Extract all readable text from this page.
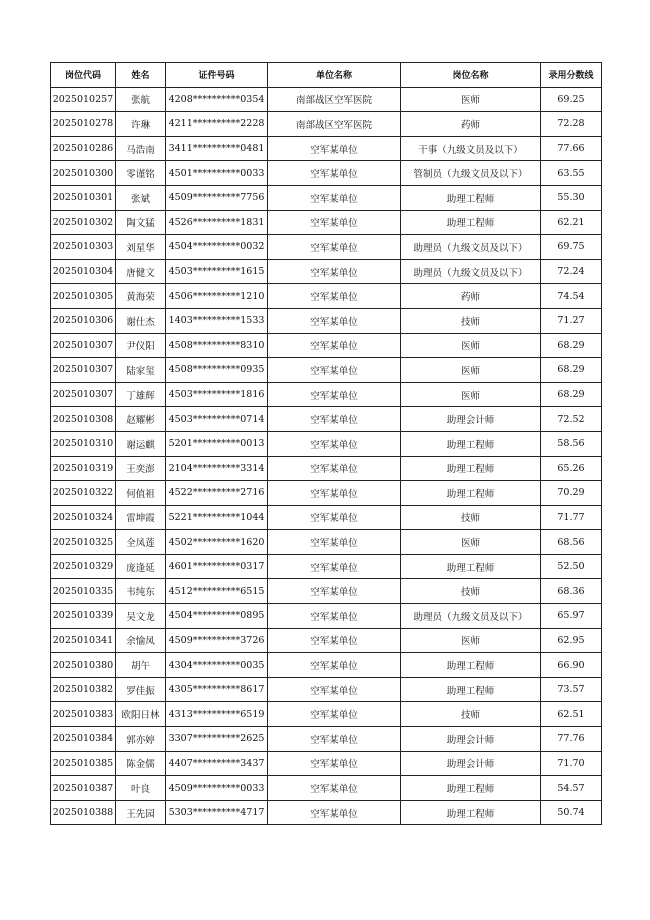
岗位代码	姓名	证件号码	单位名称	岗位名称	录用分数线
2025010257	张航	4208**********0354	南部战区空军医院	医师	69.25
2025010278	许琳	4211**********2228	南部战区空军医院	药师	72.28
2025010286	马浩南	3411**********0481	空军某单位	干事（九级文员及以下）	77.66
2025010300	零谨铭	4501**********0033	空军某单位	管制员（九级文员及以下）	63.55
2025010301	张斌	4509**********7756	空军某单位	助理工程师	55.30
2025010302	陶文猛	4526**********1831	空军某单位	助理工程师	62.21
2025010303	刘星华	4504**********0032	空军某单位	助理员（九级文员及以下）	69.75
2025010304	唐健文	4503**********1615	空军某单位	助理员（九级文员及以下）	72.24
2025010305	黄海荣	4506**********1210	空军某单位	药师	74.54
2025010306	谢仕杰	1403**********1533	空军某单位	技师	71.27
2025010307	尹仪阳	4508**********8310	空军某单位	医师	68.29
2025010307	陆家玺	4508**********0935	空军某单位	医师	68.29
2025010307	丁雄辉	4503**********1816	空军某单位	医师	68.29
2025010308	赵耀彬	4503**********0714	空军某单位	助理会计师	72.52
2025010310	谢运麒	5201**********0013	空军某单位	助理工程师	58.56
2025010319	王奕澎	2104**********3314	空军某单位	助理工程师	65.26
2025010322	何值祖	4522**********2716	空军某单位	助理工程师	70.29
2025010324	雷坤霞	5221**********1044	空军某单位	技师	71.77
2025010325	全凤莲	4502**********1620	空军某单位	医师	68.56
2025010329	庞逢延	4601**********0317	空军某单位	助理工程师	52.50
2025010335	韦纯东	4512**********6515	空军某单位	技师	68.36
2025010339	吴文龙	4504**********0895	空军某单位	助理员（九级文员及以下）	65.97
2025010341	余愉凤	4509**********3726	空军某单位	医师	62.95
2025010380	胡午	4304**********0035	空军某单位	助理工程师	66.90
2025010382	罗佳振	4305**********8617	空军某单位	助理工程师	73.57
2025010383	欧阳日林	4313**********6519	空军某单位	技师	62.51
2025010384	郭亦婷	3307**********2625	空军某单位	助理会计师	77.76
2025010385	陈金儒	4407**********3437	空军某单位	助理会计师	71.70
2025010387	叶良	4509**********0033	空军某单位	助理工程师	54.57
2025010388	王先园	5303**********4717	空军某单位	助理工程师	50.74
